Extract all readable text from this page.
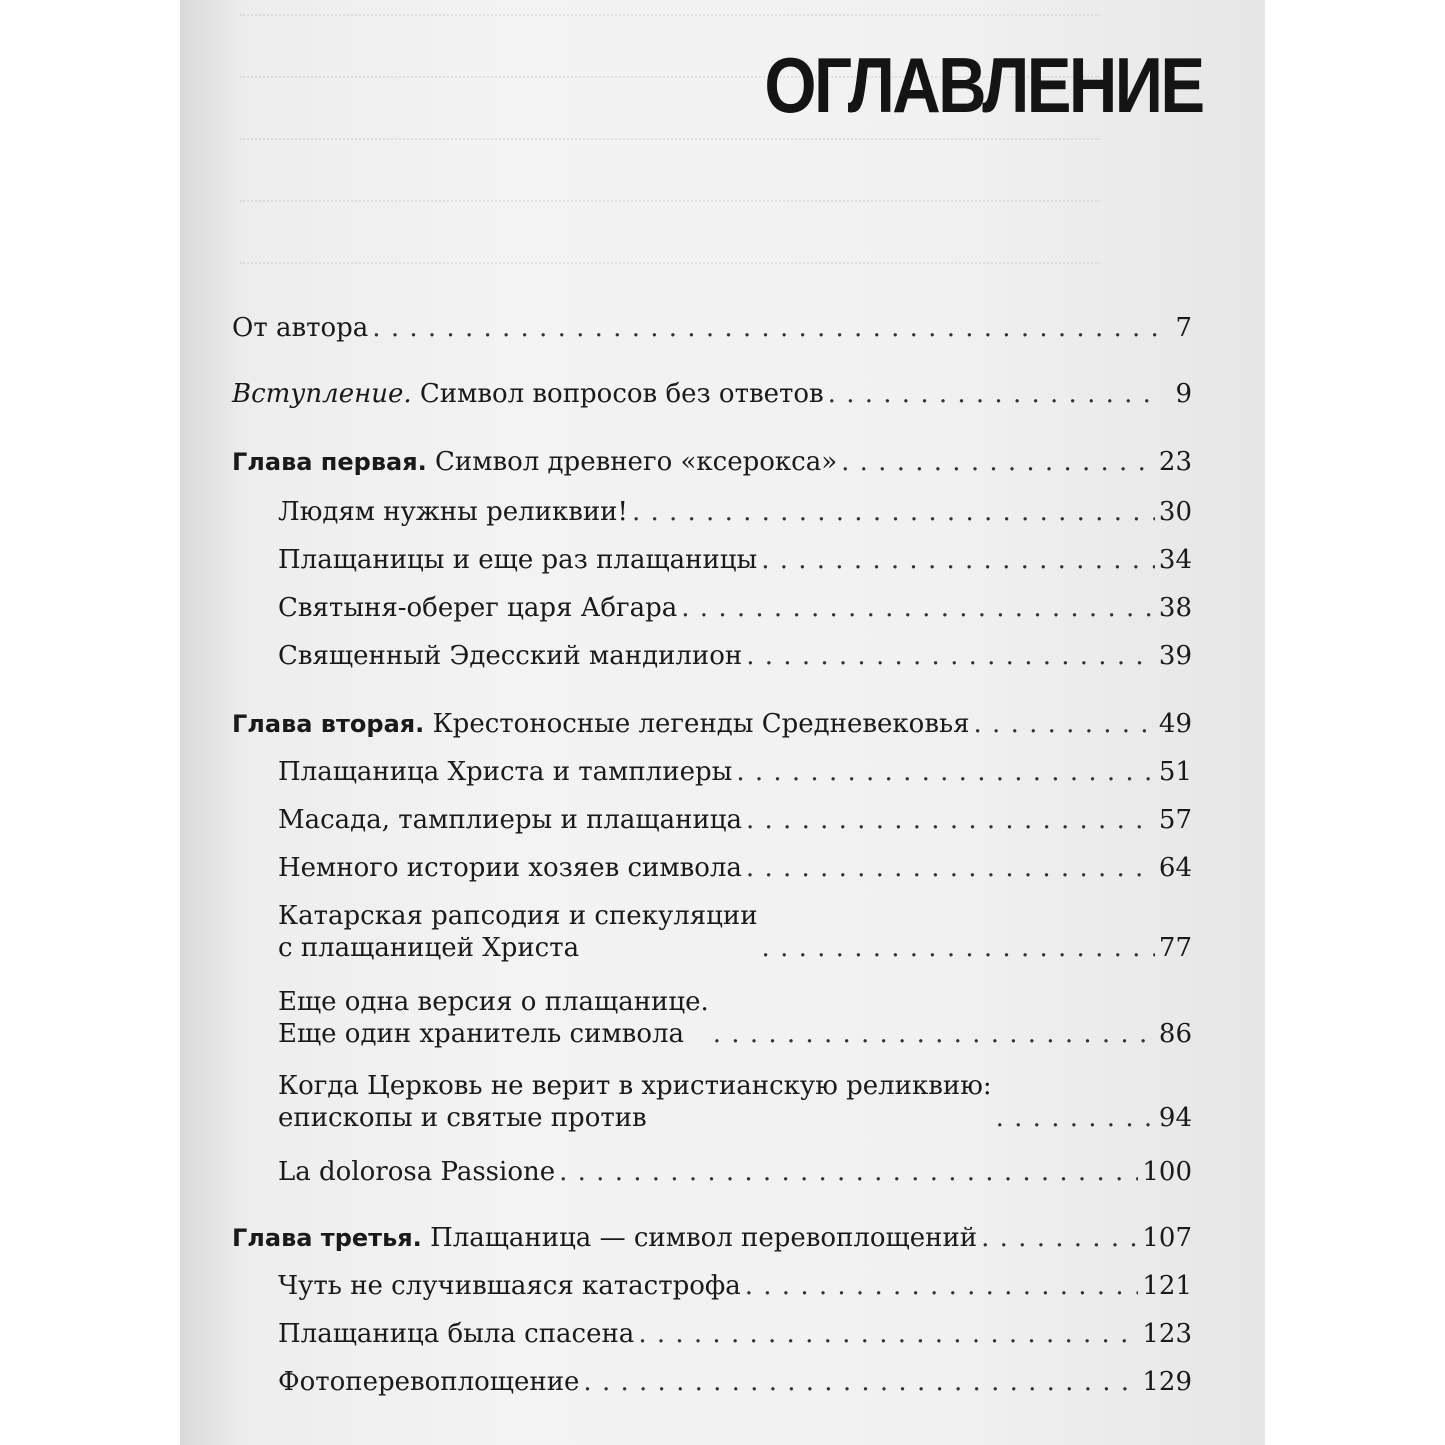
ОГЛАВЛЕНИЕ
От автора . . .	7
Вступление. Символ вопросов без ответов . . .	9
Глава первая. Символ древнего «ксерокса» . . .	23
Людям нужны реликвии! . . .	30
Плащаницы и еще раз плащаницы . . .	34
Святыня-оберег царя Абгара . . .	38
Священный Эдесский мандилион . . .	39
Глава вторая. Крестоносные легенды Средневековья . . .	49
Плащаница Христа и тамплиеры . . .	51
Масада, тамплиеры и плащаница . . .	57
Немного истории хозяев символа . . .	64
Катарская рапсодия и спекуляции
с плащаницей Христа . . .	77
Еще одна версия о плащанице.
Еще один хранитель символа . . .	86
Когда Церковь не верит в христианскую реликвию:
епископы и святые против . . .	94
La dolorosa Passione . . .	100
Глава третья. Плащаница — символ перевоплощений . . .	107
Чуть не случившаяся катастрофа . . .	121
Плащаница была спасена . . .	123
Фотоперевоплощение . . .	129
